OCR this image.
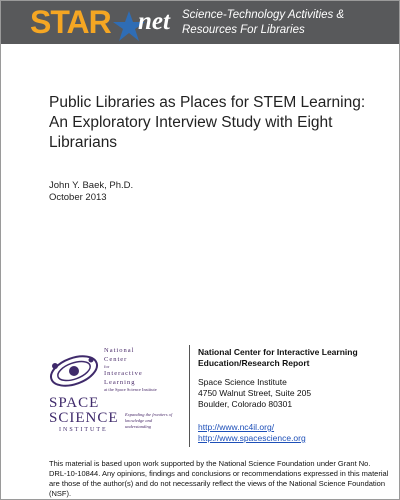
STAR net Science-Technology Activities & Resources For Libraries
Public Libraries as Places for STEM Learning: An Exploratory Interview Study with Eight Librarians
John Y. Baek, Ph.D.
October 2013
National
Center
for
Interactive
Learning
at the Space Science Institute
SPACE
SCIENCE
INSTITUTE
Expanding the frontiers of knowledge and understanding
National Center for Interactive Learning Education/Research Report
Space Science Institute
4750 Walnut Street, Suite 205
Boulder, Colorado 80301
http://www.nc4il.org/
http://www.spacescience.org
This material is based upon work supported by the National Science Foundation under Grant No. DRL-10-10844. Any opinions, findings and conclusions or recommendations expressed in this material are those of the author(s) and do not necessarily reflect the views of the National Science Foundation (NSF).
